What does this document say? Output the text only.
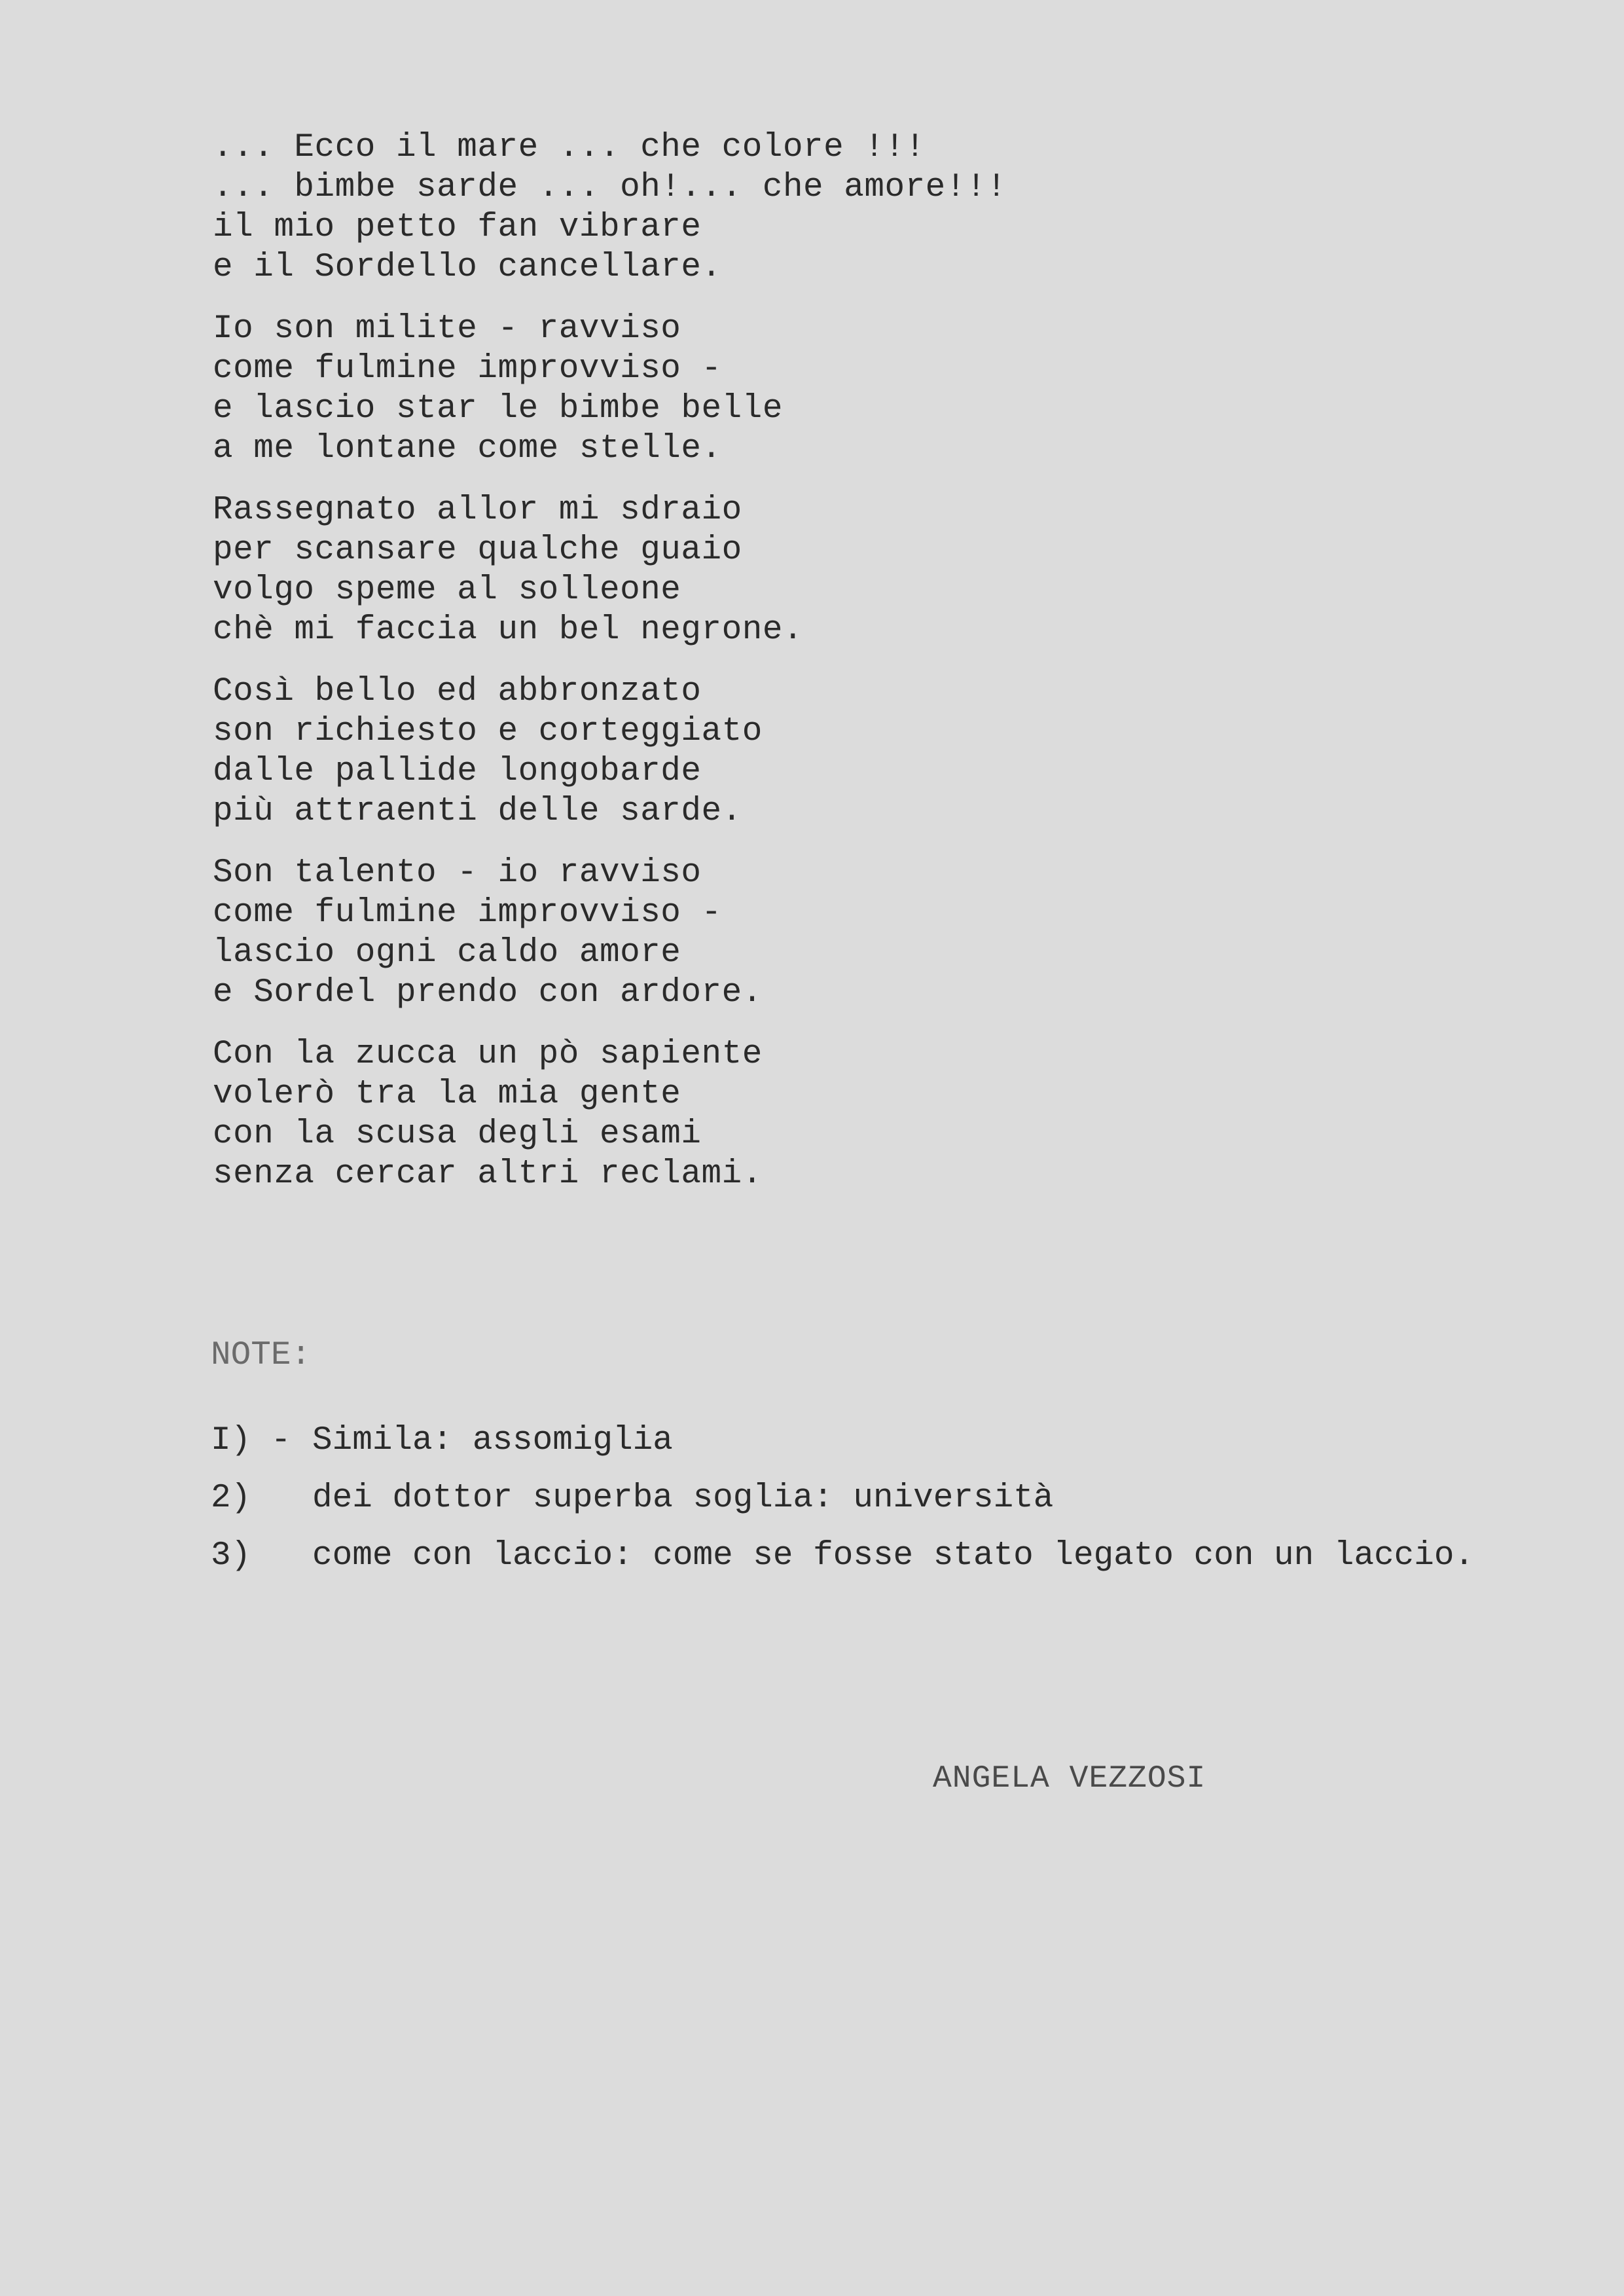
... Ecco il mare ... che colore !!!
... bimbe sarde ... oh!... che amore!!!
il mio petto fan vibrare
e il Sordello cancellare.
Io son milite - ravviso
come fulmine improvviso -
e lascio star le bimbe belle
a me lontane come stelle.
Rassegnato allor mi sdraio
per scansare qualche guaio
volgo speme al solleone
chè mi faccia un bel negrone.
Così bello ed abbronzato
son richiesto e corteggiato
dalle pallide longobarde
più attraenti delle sarde.
Son talento - io ravviso
come fulmine improvviso -
lascio ogni caldo amore
e Sordel prendo con ardore.
Con la zucca un pò sapiente
volerò tra la mia gente
con la scusa degli esami
senza cercar altri reclami.
NOTE:
I) - Simila: assomiglia
2)	dei dottor superba soglia: università
3)	come con laccio: come se fosse stato legato con un laccio.
ANGELA VEZZOSI
